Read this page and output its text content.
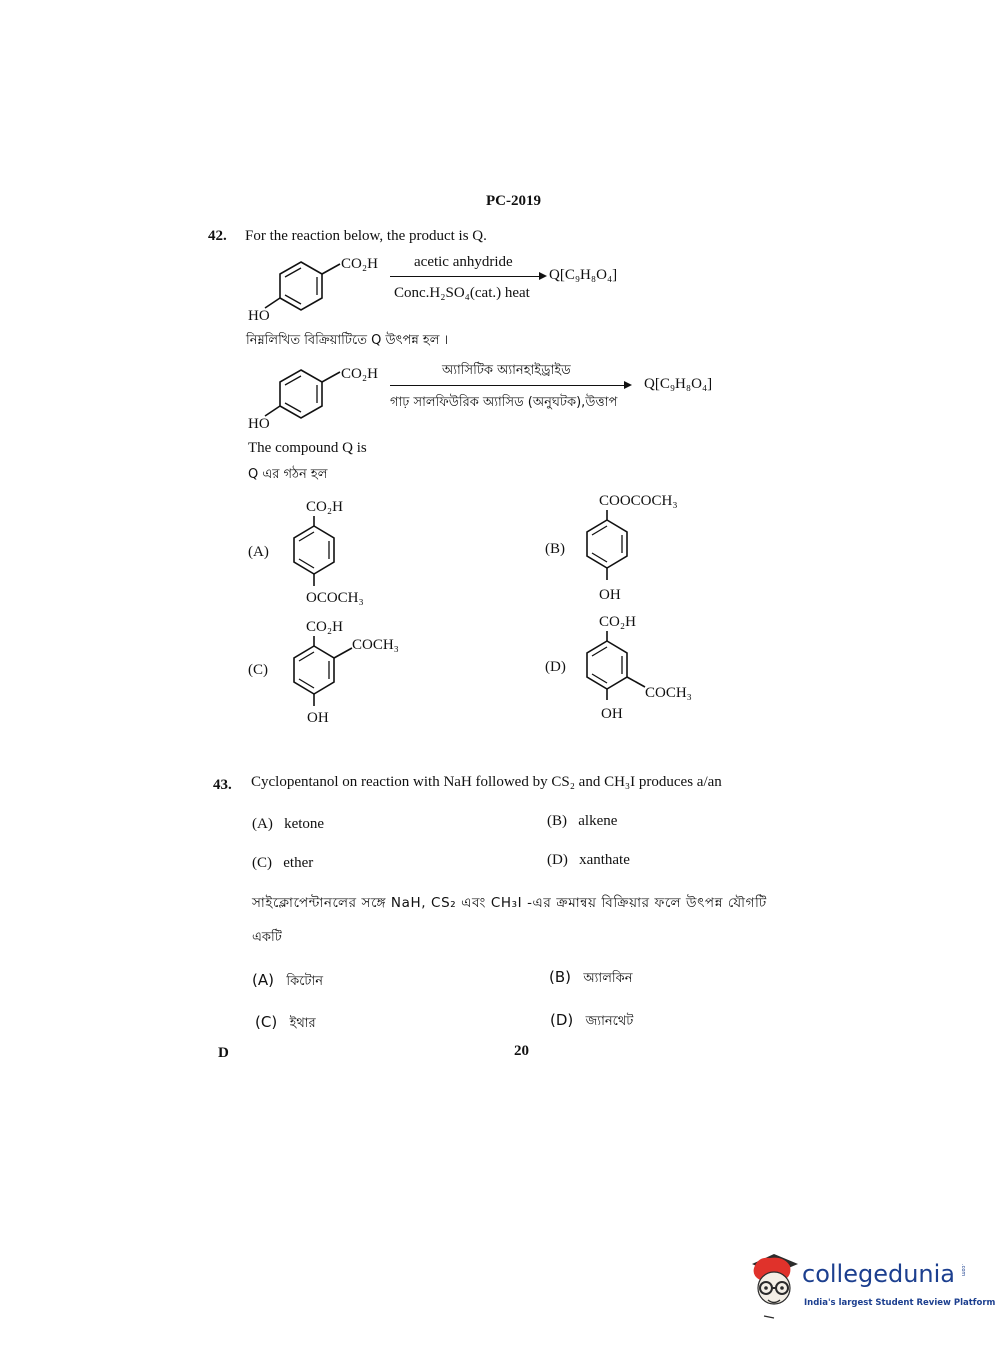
PC-2019
42. For the reaction below, the product is Q.
CO₂H
HO
acetic anhydride
Conc.H₂SO₄(cat.) heat
Q[C₉H₈O₄]
নিম্নলিখিত বিক্রিয়াটিতে Q উৎপন্ন হল ।
CO₂H
HO
অ্যাসিটিক অ্যানহাইড্রাইড
গাঢ় সালফিউরিক অ্যাসিড (অনুঘটক),উত্তাপ
Q[C₉H₈O₄]
The compound Q is
Q এর গঠন হল
(A)
CO₂H
OCOCH₃
(B)
COOCOCH₃
OH
(C)
CO₂H
COCH₃
OH
(D)
CO₂H
COCH₃
OH
43. Cyclopentanol on reaction with NaH followed by CS₂ and CH₃I produces a/an
(A) ketone	(B) alkene
(C) ether	(D) xanthate
সাইক্লোপেন্টানলের সঙ্গে NaH, CS₂ এবং CH₃I -এর ক্রমান্বয় বিক্রিয়ার ফলে উৎপন্ন যৌগটি
একটি
(A) কিটোন	(B) অ্যালকিন
(C) ইথার	(D) জ্যানথেট
D	20
collegedunia .com
India's largest Student Review Platform
